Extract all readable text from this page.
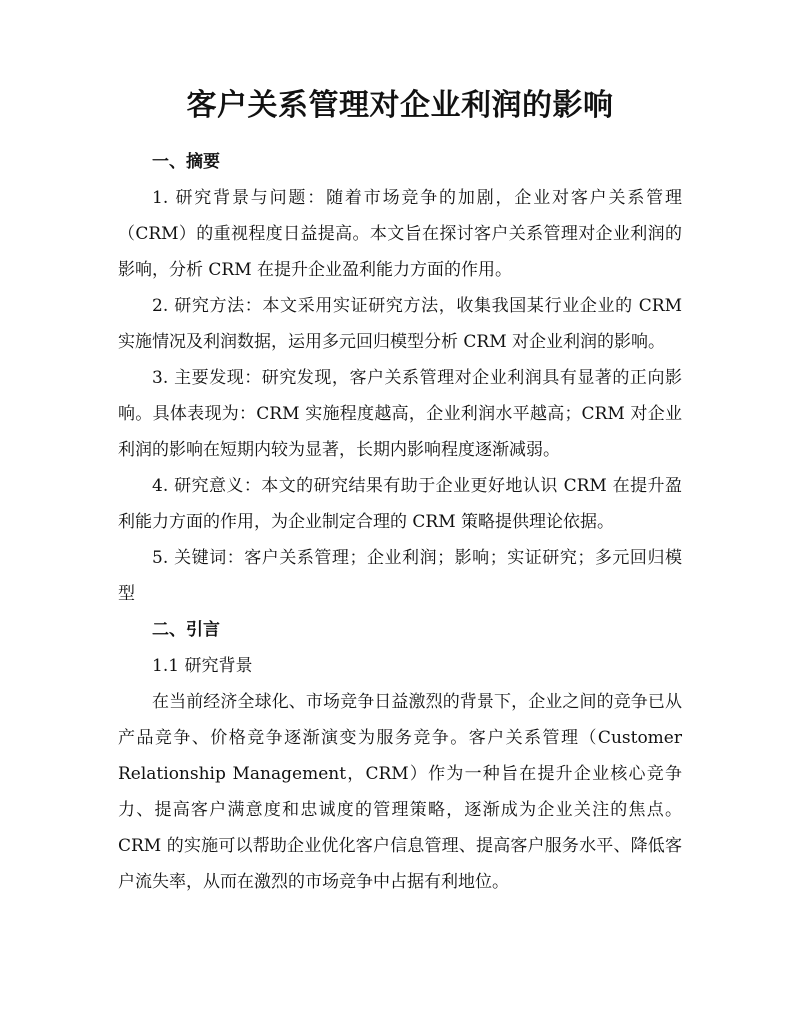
客户关系管理对企业利润的影响
一、摘要

1. 研究背景与问题：随着市场竞争的加剧，企业对客户关系管理（CRM）的重视程度日益提高。本文旨在探讨客户关系管理对企业利润的影响，分析 CRM 在提升企业盈利能力方面的作用。

2. 研究方法：本文采用实证研究方法，收集我国某行业企业的 CRM 实施情况及利润数据，运用多元回归模型分析 CRM 对企业利润的影响。

3. 主要发现：研究发现，客户关系管理对企业利润具有显著的正向影响。具体表现为：CRM 实施程度越高，企业利润水平越高；CRM 对企业利润的影响在短期内较为显著，长期内影响程度逐渐减弱。

4. 研究意义：本文的研究结果有助于企业更好地认识 CRM 在提升盈利能力方面的作用，为企业制定合理的 CRM 策略提供理论依据。

5. 关键词：客户关系管理；企业利润；影响；实证研究；多元回归模型

二、引言
1.1 研究背景

在当前经济全球化、市场竞争日益激烈的背景下，企业之间的竞争已从产品竞争、价格竞争逐渐演变为服务竞争。客户关系管理（Customer Relationship Management，CRM）作为一种旨在提升企业核心竞争力、提高客户满意度和忠诚度的管理策略，逐渐成为企业关注的焦点。CRM 的实施可以帮助企业优化客户信息管理、提高客户服务水平、降低客户流失率，从而在激烈的市场竞争中占据有利地位。
